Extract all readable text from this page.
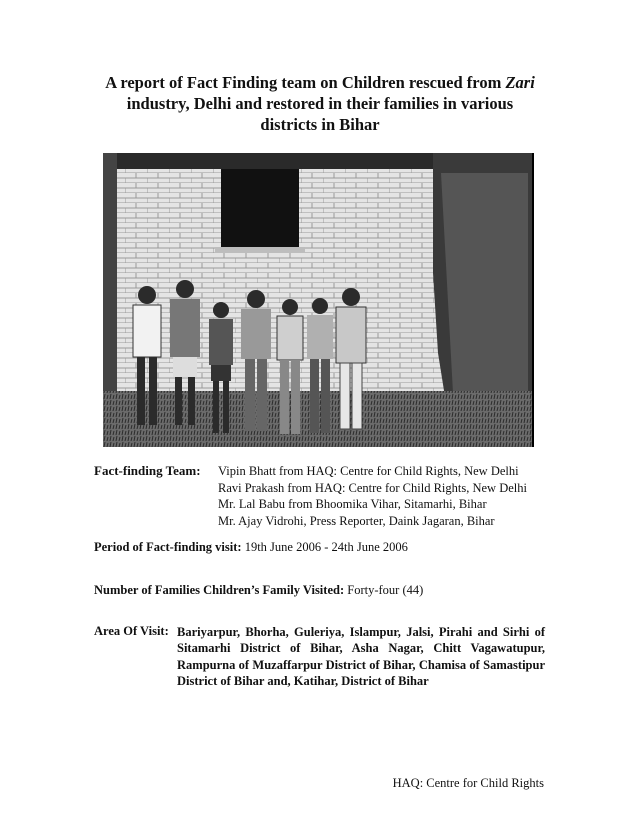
A report of Fact Finding team on Children rescued from Zari
industry, Delhi and restored in their families in various
districts in Bihar
Fact-finding Team: Vipin Bhatt from HAQ: Centre for Child Rights, New Delhi
Ravi Prakash from HAQ: Centre for Child Rights, New Delhi
Mr. Lal Babu from Bhoomika Vihar, Sitamarhi, Bihar
Mr. Ajay Vidrohi, Press Reporter, Daink Jagaran, Bihar
Period of Fact-finding visit: 19th June 2006 - 24th June 2006
Number of Families Children’s Family Visited: Forty-four (44)
Area Of Visit: Bariyarpur, Bhorha, Guleriya, Islampur, Jalsi, Pirahi and Sirhi of Sitamarhi District of Bihar, Asha Nagar, Chitt Vagawatupur, Rampurna of Muzaffarpur District of Bihar, Chamisa of Samastipur District of Bihar and, Katihar, District of Bihar
HAQ: Centre for Child Rights
